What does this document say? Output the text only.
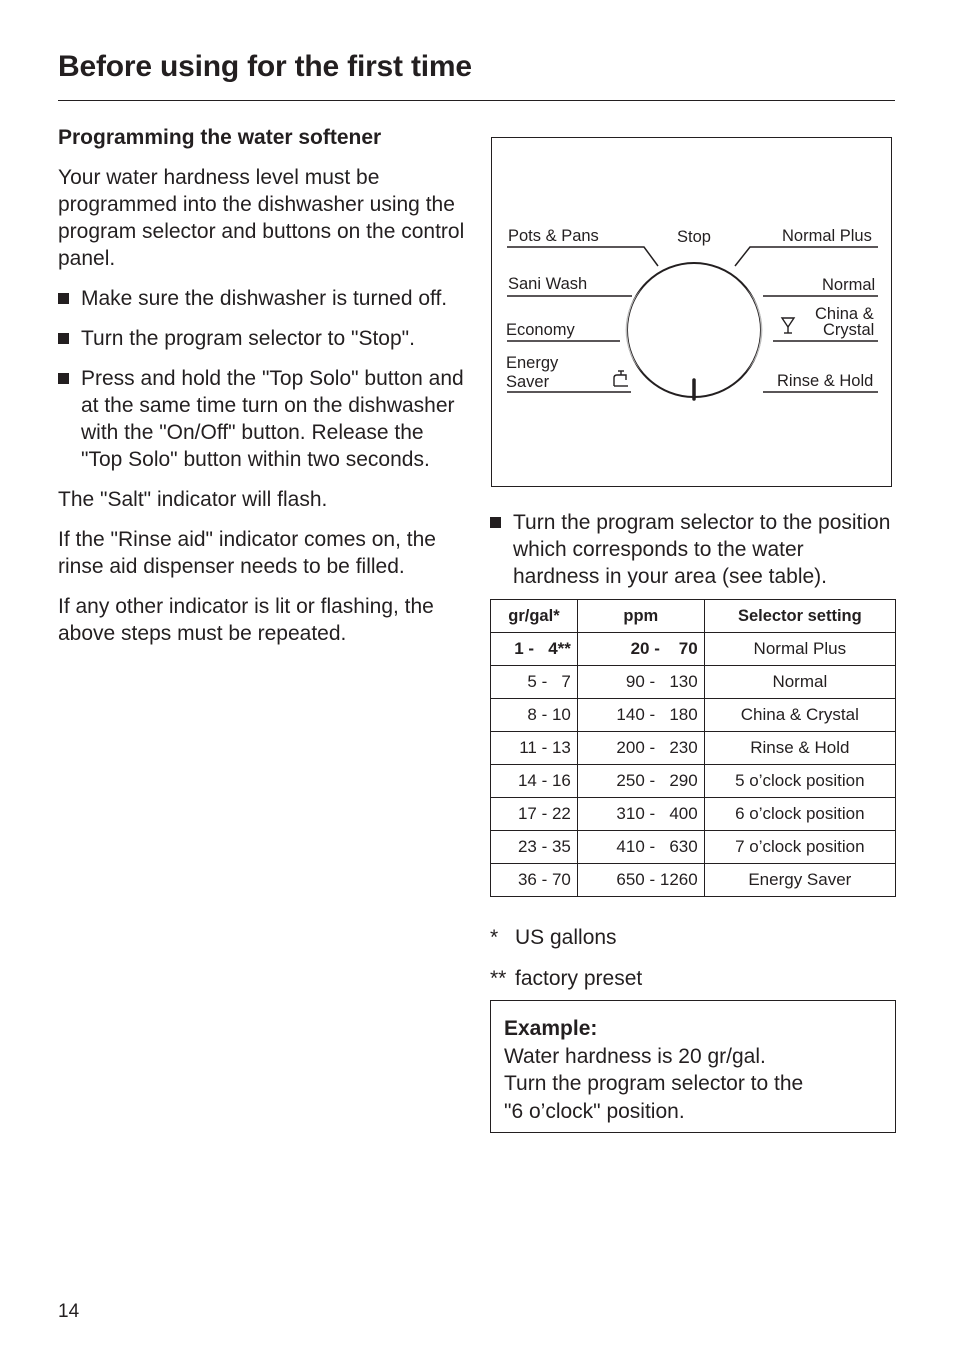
Before using for the first time
Programming the water softener

Your water hardness level must be programmed into the dishwasher using the program selector and buttons on the control panel.

Make sure the dishwasher is turned off.
Turn the program selector to "Stop".
Press and hold the "Top Solo" button and at the same time turn on the dishwasher with the "On/Off" button. Release the "Top Solo" button within two seconds.

The "Salt" indicator will flash.

If the "Rinse aid" indicator comes on, the rinse aid dispenser needs to be filled.

If any other indicator is lit or flashing, the above steps must be repeated.

Pots & Pans	Stop	Normal Plus
Sani Wash	Normal
China &
Crystal
Economy
Energy
Saver	Rinse & Hold
Turn the program selector to the position which corresponds to the water hardness in your area (see table).
gr/gal*	ppm	Selector setting
1 -   4**	20 -    70	Normal Plus
5 -   7	90 -   130	Normal
8 - 10	140 -   180	China & Crystal
11 - 13	200 -   230	Rinse & Hold
14 - 16	250 -   290	5 o’clock position
17 - 22	310 -   400	6 o’clock position
23 - 35	410 -   630	7 o’clock position
36 - 70	650 - 1260	Energy Saver
* US gallons
** factory preset
Example:
Water hardness is 20 gr/gal.
Turn the program selector to the
"6 o’clock" position.
14
